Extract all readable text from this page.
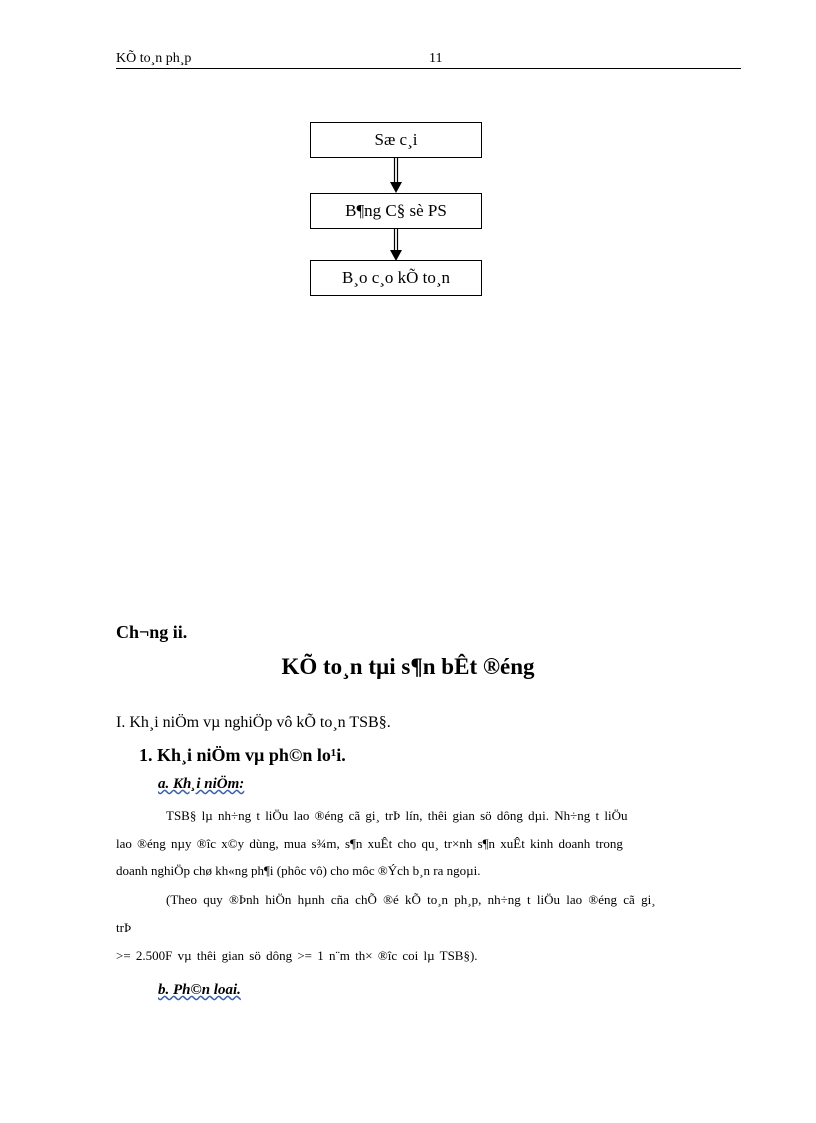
KÕ to¸n ph¸p	11
Sæ c¸i
B¶ng C§ sè PS
B¸o c¸o kÕ to¸n
Ch¬ng ii.
KÕ to¸n tµi s¶n bÊt ®éng
I. Kh¸i niÖm vµ nghiÖp vô kÕ to¸n TSB§.
1. Kh¸i niÖm vµ ph©n lo¹i.
a. Kh¸i niÖm:
TSB§ lµ nh÷ng t liÖu lao ®éng cã gi¸ trÞ lín, thêi gian sö dông dµi. Nh÷ng t liÖu
lao ®éng nµy ®îc x©y dùng, mua s¾m, s¶n xuÊt cho qu¸ tr×nh s¶n xuÊt kinh doanh trong
doanh nghiÖp chø kh«ng ph¶i (phôc vô) cho môc ®Ých b¸n ra ngoµi.
(Theo quy ®Þnh hiÖn hµnh cña chÕ ®é kÕ to¸n ph¸p, nh÷ng t liÖu lao ®éng cã gi¸
trÞ
>= 2.500F vµ thêi gian sö dông >= 1 n¨m th× ®îc coi lµ TSB§).
b. Ph©n loai.
